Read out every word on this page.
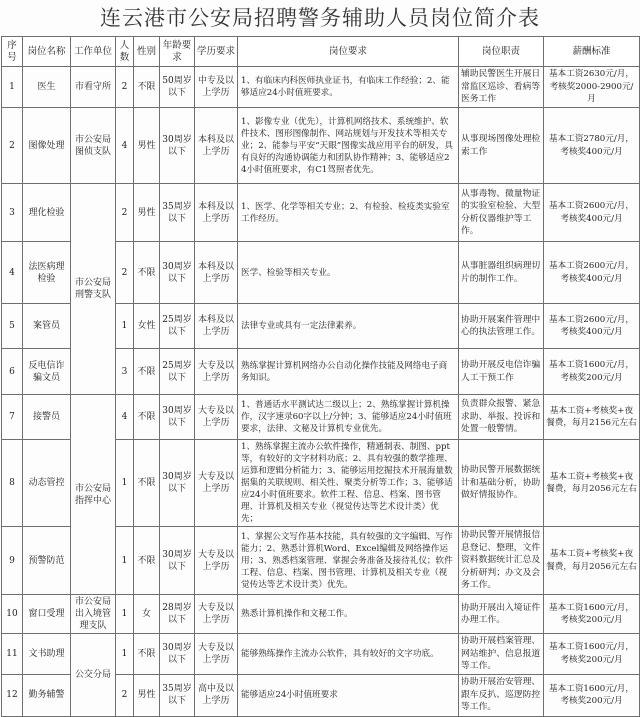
连云港市公安局招聘警务辅助人员岗位简介表
序号	岗位名称	工作单位	人数	性别	年龄要求	学历要求	岗位要求	岗位职责	薪酬标准
1	医生	市看守所	2	不限	50周岁以下	中专及以上学历	1、有临床内科医师执业证书，有临床工作经验；2、能够适应24小时值班要求。	辅助民警医生开展日常监区巡诊、看病等医务工作	基本工资2630元/月，考核奖2000-2900元/月
2	图像处理	市公安局图侦支队	4	男性	30周岁以下	本科及以上学历	1、影像专业（优先），计算机网络技术、系统维护、软件技术、图形图像制作、网站规划与开发技术等相关专业；2、能参与平安“天眼”图像实战应用平台的研发，具有良好的沟通协调能力和团队协作精神；3、能够适应24小时值班要求，有C1驾照者优先。	从事现场图像处理检索工作	基本工资2780元/月，考核奖400元/月
3	理化检验	市公安局刑警支队	2	男性	35周岁以下	本科及以上学历	1、医学、化学等相关专业；2、有检验、检疫类实验室工作经历。	从事毒物、微量物证的实验室检验、大型分析仪器维护等工作。	基本工资2600元/月，考核奖400元/月
4	法医病理检验		2	不限	30周岁以下	本科及以上学历	医学、检验等相关专业。	从事脏器组织病理切片的制作工作。	基本工资2600元/月，考核奖400元/月
5	案管员		1	女性	25周岁以下	本科及以上学历	法律专业或具有一定法律素养。	协助开展案件管理中心的执法管理工作。	基本工资2600元/月，考核奖400元/月
6	反电信诈骗文员		3	不限	25周岁以下	大专及以上学历	熟练掌握计算机网络办公自动化操作技能及网络电子商务知识。	协助开展反电信诈骗人工干预工作	基本工资1600元/月，考核奖200元/月
7	接警员	市公安局指挥中心	4	不限	30周岁以下	大专及以上学历	1、普通话水平测试达二级以上；2、熟练掌握计算机操作，汉字速录60字以上/分钟；3、能够适应24小时值班要求，法律、文秘及计算机专业优先。	负责群众报警、紧急求助、举报、投诉和处置一般警情。	基本工资+考核奖+夜餐费，每月2156元左右
8	动态管控		1	不限	30周岁以下	大专及以上学历	1、熟练掌握主流办公软件操作，精通制表、制图、ppt等，有较好的文字材料功底；2、具有较强的数学推理、运算和逻辑分析能力；3、能够运用挖掘技术开展海量数据集的关联规则、相关性、聚类分析等工作；3、能够适应24小时值班要求。软件工程、信息、档案、图书管理、计算机及相关专业（视觉传达等艺术设计类）优先；	协助民警开展数据统计和基础分析，协助做好情报协作。	基本工资+考核奖+夜餐费，每月2056元左右
9	预警防范		1	不限	30周岁以下	大专及以上学历	1、掌握公文写作基本技能，具有较强的文字编辑、写作能力；2、熟悉计算机Word、Excel编辑及网络操作运用；3、熟悉档案管理、掌握会务准备及接待礼仪；软件工程、信息、档案、图书管理、计算机及相关专业（视觉传达等艺术设计类）优先。	协助民警开展情报信息登记、整理，文件资料数据统计汇总及分析研判；办文及会务工作。	基本工资+考核奖+夜餐费，每月2056元左右
10	窗口受理	市公安局出入境管理支队	1	女	28周岁以下	大专及以上学历	熟悉计算机操作和文秘工作。	协助开展出入境证件办理工作。	基本工资1600元/月，考核奖200元/月
11	文书助理	公交分局	1	不限	30周岁以下	大专及以上学历	能够熟练操作主流办公软件，具有较好的文字功底。	协助开展档案管理、网站维护、信息报道等工作。	基本工资1600元/月，考核奖200元/月
12	勤务辅警		2	男性	35周岁以下	高中及以上学历	能够适应24小时值班要求	协助开展治安管理、跟车反扒、巡逻防控等工作。	基本工资1600元/月，考核奖200元/月
